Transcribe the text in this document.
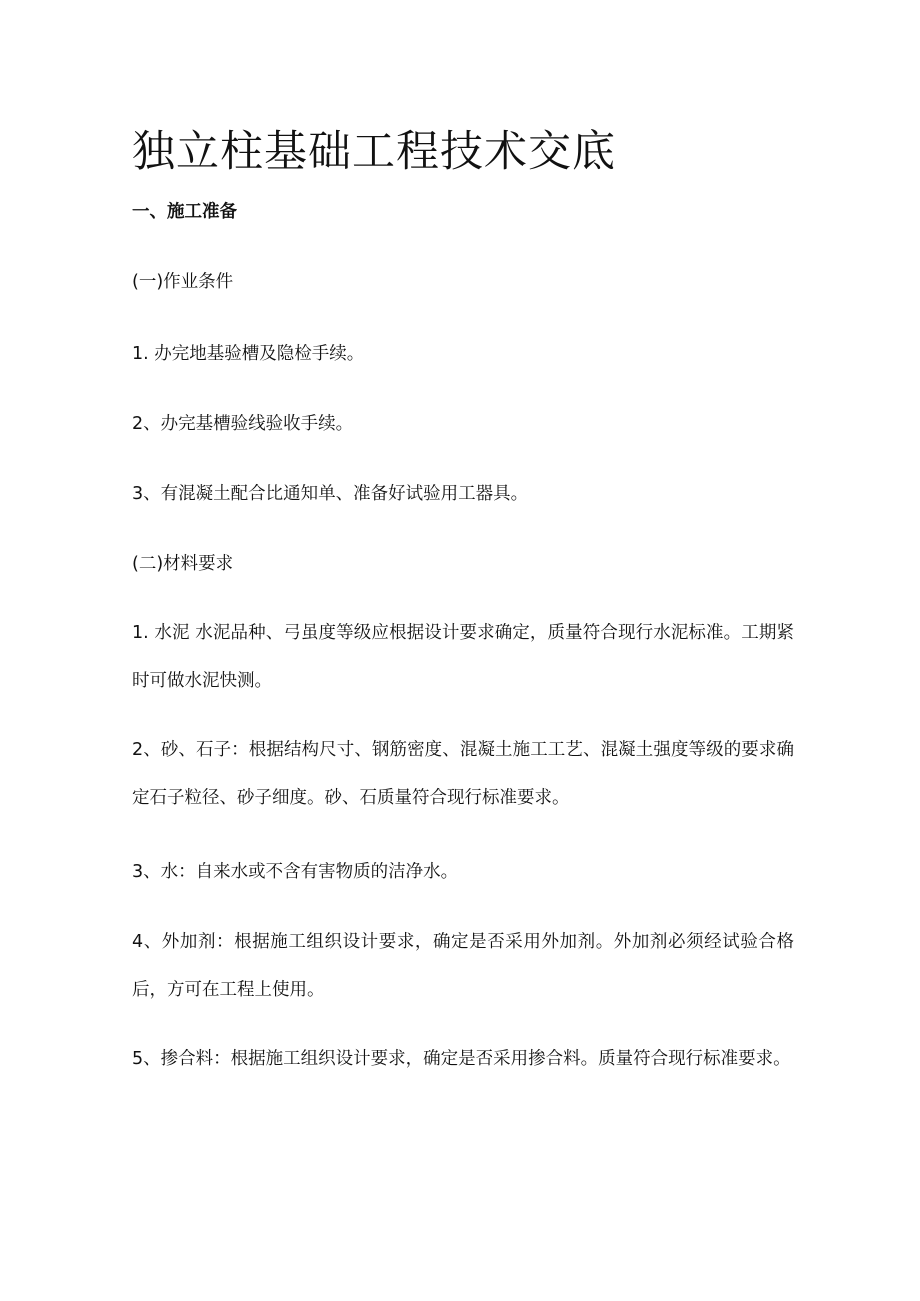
独立柱基础工程技术交底

一、施工准备

(一)作业条件

1. 办完地基验槽及隐检手续。

2、办完基槽验线验收手续。

3、有混凝土配合比通知单、准备好试验用工器具。

(二)材料要求

1. 水泥 水泥品种、弓虽度等级应根据设计要求确定，质量符合现行水泥标准。工期紧时可做水泥快测。

2、砂、石子：根据结构尺寸、钢筋密度、混凝土施工工艺、混凝土强度等级的要求确定石子粒径、砂子细度。砂、石质量符合现行标准要求。

3、水：自来水或不含有害物质的洁净水。

4、外加剂：根据施工组织设计要求，确定是否采用外加剂。外加剂必须经试验合格后，方可在工程上使用。

5、掺合料：根据施工组织设计要求，确定是否采用掺合料。质量符合现行标准要求。
